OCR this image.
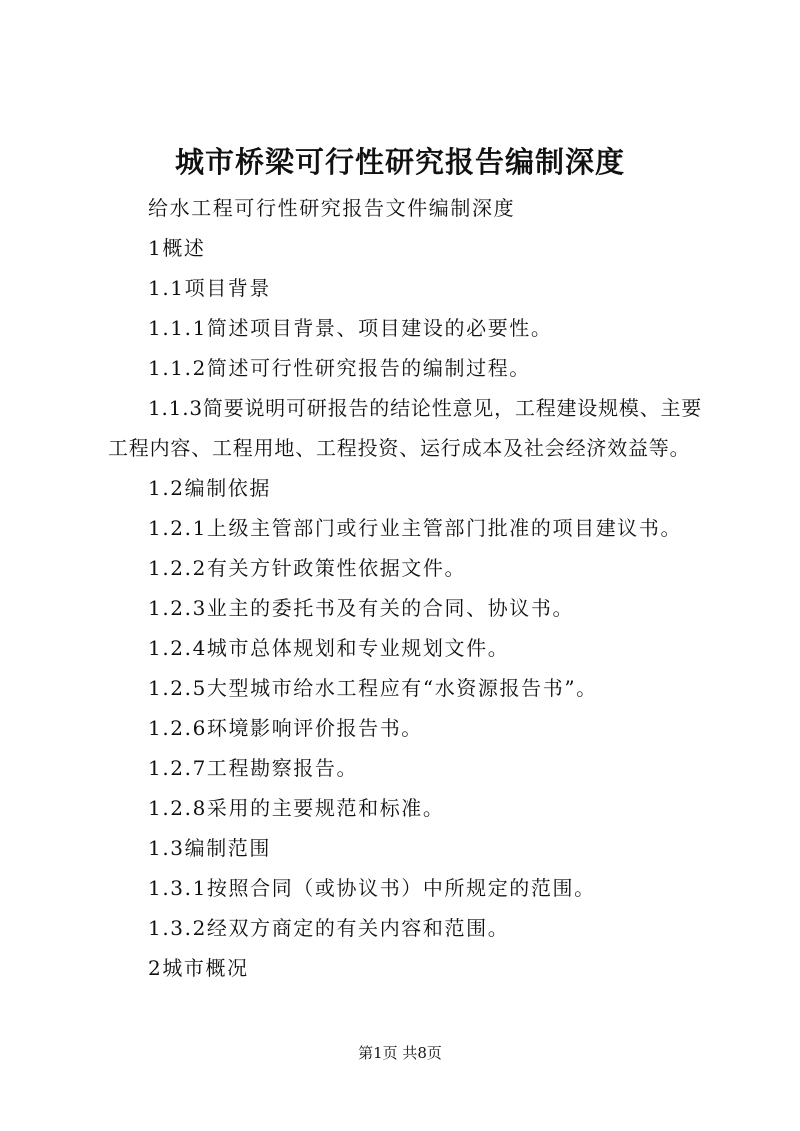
城市桥梁可行性研究报告编制深度

给水工程可行性研究报告文件编制深度

1概述

1.1项目背景

1.1.1简述项目背景、项目建设的必要性。

1.1.2简述可行性研究报告的编制过程。

1.1.3简要说明可研报告的结论性意见，工程建设规模、主要工程内容、工程用地、工程投资、运行成本及社会经济效益等。

1.2编制依据

1.2.1上级主管部门或行业主管部门批准的项目建议书。

1.2.2有关方针政策性依据文件。

1.2.3业主的委托书及有关的合同、协议书。

1.2.4城市总体规划和专业规划文件。

1.2.5大型城市给水工程应有“水资源报告书”。

1.2.6环境影响评价报告书。

1.2.7工程勘察报告。

1.2.8采用的主要规范和标准。

1.3编制范围

1.3.1按照合同（或协议书）中所规定的范围。

1.3.2经双方商定的有关内容和范围。

2城市概况

第1页 共8页
